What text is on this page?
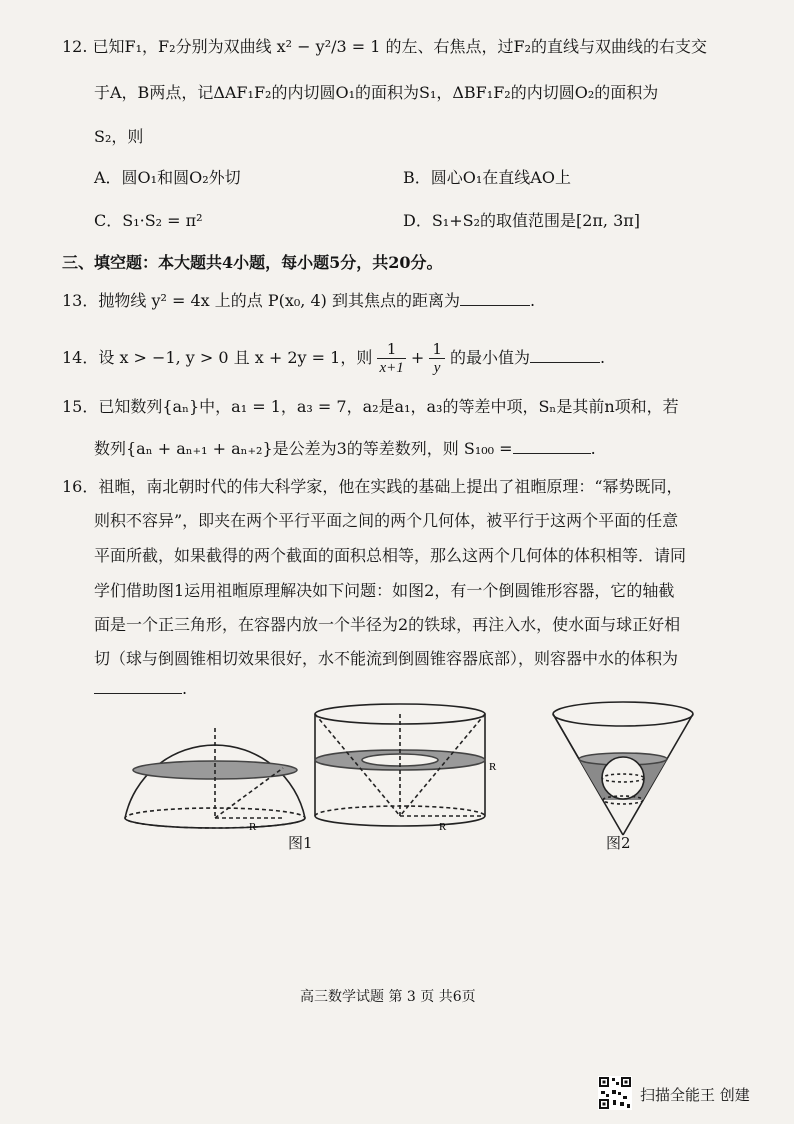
12. 已知F₁，F₂分别为双曲线 x² − y²/3 = 1 的左、右焦点，过F₂的直线与双曲线的右支交
于A，B两点，记ΔAF₁F₂的内切圆O₁的面积为S₁，ΔBF₁F₂的内切圆O₂的面积为
S₂，则
A．圆O₁和圆O₂外切	B．圆心O₁在直线AO上
C．S₁·S₂ = π²	D．S₁+S₂的取值范围是[2π, 3π]
三、填空题：本大题共4小题，每小题5分，共20分。
13．抛物线 y² = 4x 上的点 P(x₀, 4) 到其焦点的距离为	.
14．设 x > −1, y > 0 且 x + 2y = 1，则 $\frac{1}{x+1} + \frac{1}{y}$ 的最小值为	.
15．已知数列{aₙ}中，a₁ = 1，a₃ = 7，a₂是a₁，a₃的等差中项，Sₙ是其前n项和，若
数列{aₙ + aₙ₊₁ + aₙ₊₂}是公差为3的等差数列，则 S₁₀₀ =	.
16．祖暅，南北朝时代的伟大科学家，他在实践的基础上提出了祖暅原理：“幂势既同，
则积不容异”，即夹在两个平行平面之间的两个几何体，被平行于这两个平面的任意
平面所截，如果截得的两个截面的面积总相等，那么这两个几何体的体积相等．请同
学们借助图1运用祖暅原理解决如下问题：如图2，有一个倒圆锥形容器，它的轴截
面是一个正三角形，在容器内放一个半径为2的铁球，再注入水，使水面与球正好相
切（球与倒圆锥相切效果很好，水不能流到倒圆锥容器底部），则容器中水的体积为
.
R	R
R
图1	图2
高三数学试题 第 3 页 共6页
扫描全能王 创建
